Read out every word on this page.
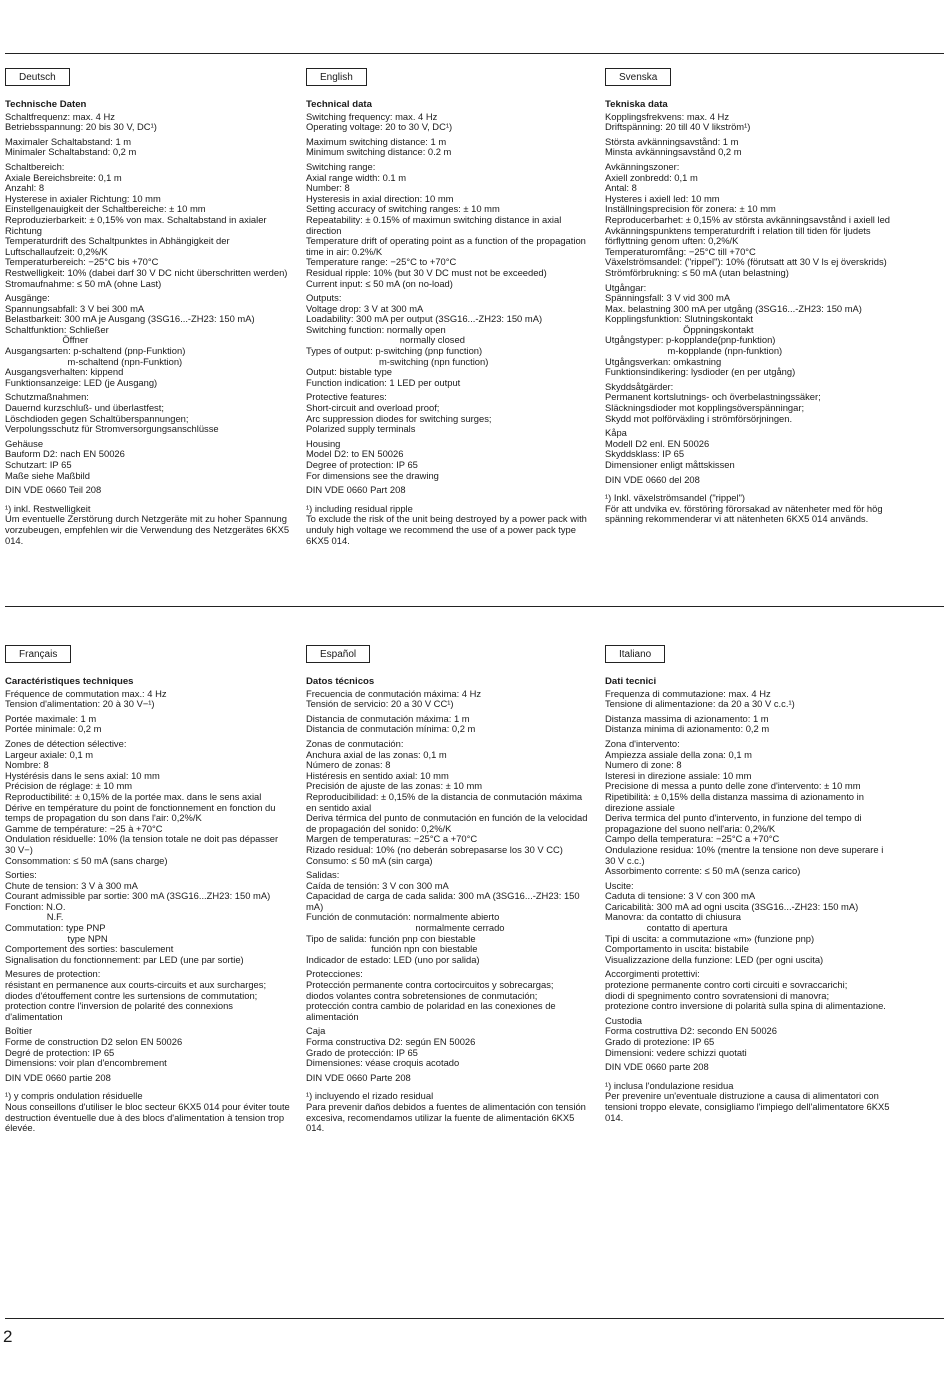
Deutsch
Technische Daten
Schaltfrequenz: max. 4 Hz
Betriebsspannung: 20 bis 30 V, DC¹)
Maximaler Schaltabstand: 1 m
Minimaler Schaltabstand: 0,2 m
Schaltbereich:
Axiale Bereichsbreite: 0,1 m
Anzahl: 8
Hysterese in axialer Richtung: 10 mm
Einstellgenauigkeit der Schaltbereiche: ± 10 mm
Reproduzierbarkeit: ± 0,15% von max. Schaltabstand in axialer Richtung
Temperaturdrift des Schaltpunktes in Abhängigkeit der Luftschallaufzeit: 0,2%/K
Temperaturbereich: −25°C bis +70°C
Restwelligkeit: 10% (dabei darf 30 V DC nicht überschritten werden)
Stromaufnahme: ≤ 50 mA (ohne Last)
Ausgänge:
Spannungsabfall: 3 V bei 300 mA
Belastbarkeit: 300 mA je Ausgang (3SG16...-ZH23: 150 mA)
Schaltfunktion: Schließer
Öffner
Ausgangsarten: p-schaltend (pnp-Funktion)
m-schaltend (npn-Funktion)
Ausgangsverhalten: kippend
Funktionsanzeige: LED (je Ausgang)
Schutzmaßnahmen:
Dauernd kurzschluß- und überlastfest;
Löschdioden gegen Schaltüberspannungen;
Verpolungsschutz für Stromversorgungsanschlüsse
Gehäuse
Bauform D2: nach EN 50026
Schutzart: IP 65
Maße siehe Maßbild
DIN VDE 0660 Teil 208
¹) inkl. Restwelligkeit
Um eventuelle Zerstörung durch Netzgeräte mit zu hoher Spannung vorzubeugen, empfehlen wir die Verwendung des Netzgerätes 6KX5 014.
English
Technical data
Switching frequency: max. 4 Hz
Operating voltage: 20 to 30 V, DC¹)
Maximum switching distance: 1 m
Minimum switching distance: 0.2 m
Switching range:
Axial range width: 0.1 m
Number: 8
Hysteresis in axial direction: 10 mm
Setting accuracy of switching ranges: ± 10 mm
Repeatability: ± 0.15% of maximun switching distance in axial direction
Temperature drift of operating point as a function of the propagation time in air: 0.2%/K
Temperature range: −25°C to +70°C
Residual ripple: 10% (but 30 V DC must not be exceeded)
Current input: ≤ 50 mA (on no-load)
Outputs:
Voltage drop: 3 V at 300 mA
Loadability: 300 mA per output (3SG16...-ZH23: 150 mA)
Switching function: normally open
normally closed
Types of output: p-switching (pnp function)
m-switching (npn function)
Output: bistable type
Function indication: 1 LED per output
Protective features:
Short-circuit and overload proof;
Arc suppression diodes for switching surges;
Polarized supply terminals
Housing
Model D2: to EN 50026
Degree of protection: IP 65
For dimensions see the drawing
DIN VDE 0660 Part 208
¹) including residual ripple
To exclude the risk of the unit being destroyed by a power pack with unduly high voltage we recommend the use of a power pack type 6KX5 014.
Svenska
Tekniska data
Kopplingsfrekvens: max. 4 Hz
Driftspänning: 20 till 40 V likström¹)
Största avkänningsavstånd: 1 m
Minsta avkänningsavstånd 0,2 m
Avkänningszoner:
Axiell zonbredd: 0,1 m
Antal: 8
Hysteres i axiell led: 10 mm
Inställningsprecision för zonera: ± 10 mm
Reproducerbarhet: ± 0,15% av största avkänningsavstånd i axiell led
Avkänningspunktens temperaturdrift i relation till tiden för ljudets förflyttning genom uften: 0,2%/K
Temperaturomfång: −25°C till +70°C
Växelströmsandel: ("rippel"): 10% (förutsatt att 30 V ls ej överskrids)
Strömförbrukning: ≤ 50 mA (utan belastning)
Utgångar:
Spänningsfall: 3 V vid 300 mA
Max. belastning 300 mA per utgång (3SG16...-ZH23: 150 mA)
Kopplingsfunktion: Slutningskontakt
Öppningskontakt
Utgångstyper: p-kopplande(pnp-funktion)
m-kopplande (npn-funktion)
Utgångsverkan: omkastning
Funktionsindikering: lysdioder (en per utgång)
Skyddsåtgärder:
Permanent kortslutnings- och överbelastningssäker;
Släckningsdioder mot kopplingsöverspänningar;
Skydd mot polförväxling i strömförsörjningen.
Kåpa
Modell D2 enl. EN 50026
Skyddsklass: IP 65
Dimensioner enligt måttskissen
DIN VDE 0660 del 208
¹) Inkl. växelströmsandel ("rippel")
För att undvika ev. förstöring förorsakad av nätenheter med för hög spänning rekommenderar vi att nätenheten 6KX5 014 används.
Français
Caractéristiques techniques
Fréquence de commutation max.: 4 Hz
Tension d'alimentation: 20 à 30 V−¹)
Portée maximale: 1 m
Portée minimale: 0,2 m
Zones de détection sélective:
Largeur axiale: 0,1 m
Nombre: 8
Hystérésis dans le sens axial: 10 mm
Précision de réglage: ± 10 mm
Reproductibilité: ± 0,15% de la portée max. dans le sens axial
Dérive en température du point de fonctionnement en fonction du temps de propagation du son dans l'air: 0,2%/K
Gamme de température: −25 à +70°C
Ondulation résiduelle: 10% (la tension totale ne doit pas dépasser 30 V−)
Consommation: ≤ 50 mA (sans charge)
Sorties:
Chute de tension: 3 V à 300 mA
Courant admissible par sortie: 300 mA (3SG16...ZH23: 150 mA)
Fonction: N.O.
N.F.
Commutation: type PNP
type NPN
Comportement des sorties: basculement
Signalisation du fonctionnement: par LED (une par sortie)
Mesures de protection:
résistant en permanence aux courts-circuits et aux surcharges;
diodes d'étouffement contre les surtensions de commutation;
protection contre l'inversion de polarité des connexions d'alimentation
Boîtier
Forme de construction D2 selon EN 50026
Degré de protection: IP 65
Dimensions: voir plan d'encombrement
DIN VDE 0660 partie 208
¹) y compris ondulation résiduelle
Nous conseillons d'utiliser le bloc secteur 6KX5 014 pour éviter toute destruction éventuelle due à des blocs d'alimentation à tension trop élevée.
Español
Datos técnicos
Frecuencia de conmutación máxima: 4 Hz
Tensión de servicio: 20 a 30 V CC¹)
Distancia de conmutación máxima: 1 m
Distancia de conmutación mínima: 0,2 m
Zonas de conmutación:
Anchura axial de las zonas: 0,1 m
Número de zonas: 8
Histéresis en sentido axial: 10 mm
Precisión de ajuste de las zonas: ± 10 mm
Reproducibilidad: ± 0,15% de la distancia de conmutación máxima en sentido axial
Deriva térmica del punto de conmutación en función de la velocidad de propagación del sonido: 0,2%/K
Margen de temperaturas: −25°C a +70°C
Rizado residual: 10% (no deberán sobrepasarse los 30 V CC)
Consumo: ≤ 50 mA (sin carga)
Salidas:
Caída de tensión: 3 V con 300 mA
Capacidad de carga de cada salida: 300 mA (3SG16...-ZH23: 150 mA)
Función de conmutación: normalmente abierto
normalmente cerrado
Tipo de salida: función pnp con biestable
función npn con biestable
Indicador de estado: LED (uno por salida)
Protecciones:
Protección permanente contra cortocircuitos y sobrecargas;
diodos volantes contra sobretensiones de conmutación;
protección contra cambio de polaridad en las conexiones de alimentación
Caja
Forma constructiva D2: según EN 50026
Grado de protección: IP 65
Dimensiones: véase croquis acotado
DIN VDE 0660 Parte 208
¹) incluyendo el rizado residual
Para prevenir daños debidos a fuentes de alimentación con tensión excesiva, recomendamos utilizar la fuente de alimentación 6KX5 014.
Italiano
Dati tecnici
Frequenza di commutazione: max. 4 Hz
Tensione di alimentazione: da 20 a 30 V c.c.¹)
Distanza massima di azionamento: 1 m
Distanza minima di azionamento: 0,2 m
Zona d'intervento:
Ampiezza assiale della zona: 0,1 m
Numero di zone: 8
Isteresi in direzione assiale: 10 mm
Precisione di messa a punto delle zone d'intervento: ± 10 mm
Ripetibilità: ± 0,15% della distanza massima di azionamento in direzione assiale
Deriva termica del punto d'intervento, in funzione del tempo di propagazione del suono nell'aria: 0,2%/K
Campo della temperatura: −25°C a +70°C
Ondulazione residua: 10% (mentre la tensione non deve superare i 30 V c.c.)
Assorbimento corrente: ≤ 50 mA (senza carico)
Uscite:
Caduta di tensione: 3 V con 300 mA
Caricabilità: 300 mA ad ogni uscita (3SG16...-ZH23: 150 mA)
Manovra: da contatto di chiusura
contatto di apertura
Tipi di uscita: a commutazione «m» (funzione pnp)
Comportamento in uscita: bistabile
Visualizzazione della funzione: LED (per ogni uscita)
Accorgimenti protettivi:
protezione permanente contro corti circuiti e sovraccarichi;
diodi di spegnimento contro sovratensioni di manovra;
protezione contro inversione di polarità sulla spina di alimentazione.
Custodia
Forma costruttiva D2: secondo EN 50026
Grado di protezione: IP 65
Dimensioni: vedere schizzi quotati
DIN VDE 0660 parte 208
¹) inclusa l'ondulazione residua
Per prevenire un'eventuale distruzione a causa di alimentatori con tensioni troppo elevate, consigliamo l'impiego dell'alimentatore 6KX5 014.
2
